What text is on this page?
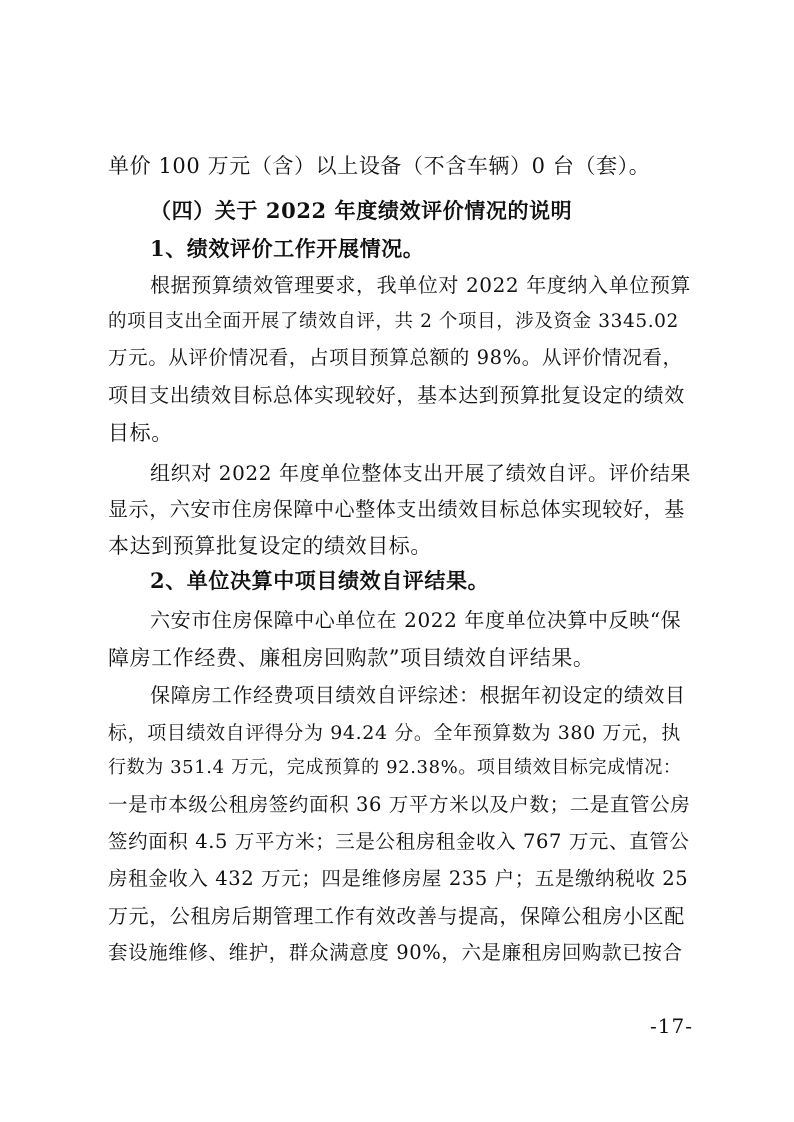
单价 100 万元（含）以上设备（不含车辆）0 台（套）。
（四）关于 2022 年度绩效评价情况的说明
1、绩效评价工作开展情况。
根据预算绩效管理要求，我单位对 2022 年度纳入单位预算
的项目支出全面开展了绩效自评，共 2 个项目，涉及资金 3345.02
万元。从评价情况看，占项目预算总额的 98%。从评价情况看，
项目支出绩效目标总体实现较好，基本达到预算批复设定的绩效
目标。
组织对 2022 年度单位整体支出开展了绩效自评。评价结果
显示，六安市住房保障中心整体支出绩效目标总体实现较好，基
本达到预算批复设定的绩效目标。
2、单位决算中项目绩效自评结果。
六安市住房保障中心单位在 2022 年度单位决算中反映“保
障房工作经费、廉租房回购款”项目绩效自评结果。
保障房工作经费项目绩效自评综述：根据年初设定的绩效目
标，项目绩效自评得分为 94.24 分。全年预算数为 380 万元，执
行数为 351.4 万元，完成预算的 92.38%。项目绩效目标完成情况：
一是市本级公租房签约面积 36 万平方米以及户数；二是直管公房
签约面积 4.5 万平方米；三是公租房租金收入 767 万元、直管公
房租金收入 432 万元；四是维修房屋 235 户；五是缴纳税收 25
万元，公租房后期管理工作有效改善与提高，保障公租房小区配
套设施维修、维护，群众满意度 90%，六是廉租房回购款已按合
-17-
